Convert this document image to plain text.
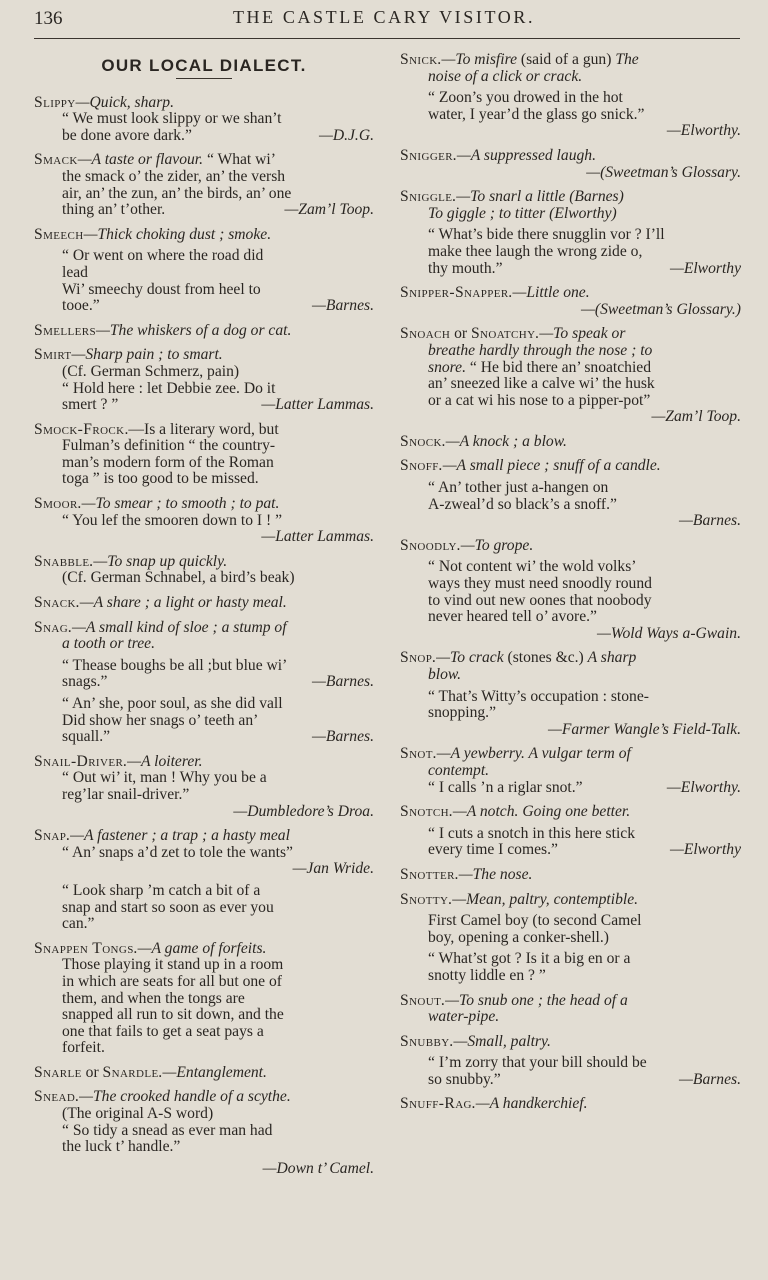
136	THE CASTLE CARY VISITOR.
OUR LOCAL DIALECT.
Slippy—Quick, sharp.
“ We must look slippy or we shan’t
be done avore dark.”	—D.J.G.
Smack—A taste or flavour. “ What wi’
the smack o’ the zider, an’ the versh
air, an’ the zun, an’ the birds, an’ one
thing an’ t’other.	—Zam’l Toop.
Smeech—Thick choking dust ; smoke.
“ Or went on where the road did
lead
Wi’ smeechy doust from heel to
tooe.”	—Barnes.
Smellers—The whiskers of a dog or cat.
Smirt—Sharp pain ; to smart.
(Cf. German Schmerz, pain)
“ Hold here : let Debbie zee. Do it
smert ? ”	—Latter Lammas.
Smock-Frock.—Is a literary word, but
Fulman’s definition “ the country-
man’s modern form of the Roman
toga ” is too good to be missed.
Smoor.—To smear ; to smooth ; to pat.
“ You lef the smooren down to I ! ”
—Latter Lammas.
Snabble.—To snap up quickly.
(Cf. German Schnabel, a bird’s beak)
Snack.—A share ; a light or hasty meal.
Snag.—A small kind of sloe ; a stump of
a tooth or tree.
“ Thease boughs be all ;but blue wi’
snags.”	—Barnes.
“ An’ she, poor soul, as she did vall
Did show her snags o’ teeth an’
squall.”	—Barnes.
Snail-Driver.—A loiterer.
“ Out wi’ it, man ! Why you be a
reg’lar snail-driver.”
—Dumbledore’s Droa.
Snap.—A fastener ; a trap ; a hasty meal
“ An’ snaps a’d zet to tole the wants”
—Jan Wride.
“ Look sharp ’m catch a bit of a
snap and start so soon as ever you
can.”
Snappen Tongs.—A game of forfeits.
Those playing it stand up in a room
in which are seats for all but one of
them, and when the tongs are
snapped all run to sit down, and the
one that fails to get a seat pays a
forfeit.
Snarle or Snardle.—Entanglement.
Snead.—The crooked handle of a scythe.
(The original A-S word)
“ So tidy a snead as ever man had
the luck t’ handle.”
—Down t’ Camel.
Snick.—To misfire (said of a gun) The
noise of a click or crack.
“ Zoon’s you drowed in the hot
water, I year’d the glass go snick.”
—Elworthy.
Snigger.—A suppressed laugh.
—(Sweetman’s Glossary.
Sniggle.—To snarl a little (Barnes)
To giggle ; to titter (Elworthy)
“ What’s bide there snugglin vor ? I’ll
make thee laugh the wrong zide o,
thy mouth.”	—Elworthy
Snipper-Snapper.—Little one.
—(Sweetman’s Glossary.)
Snoach or Snoatchy.—To speak or
breathe hardly through the nose ; to
snore. “ He bid there an’ snoatchied
an’ sneezed like a calve wi’ the husk
or a cat wi his nose to a pipper-pot”
—Zam’l Toop.
Snock.—A knock ; a blow.
Snoff.—A small piece ; snuff of a candle.
“ An’ tother just a-hangen on
A-zweal’d so black’s a snoff.”
—Barnes.
Snoodly.—To grope.
“ Not content wi’ the wold volks’
ways they must need snoodly round
to vind out new oones that noobody
never heared tell o’ avore.”
—Wold Ways a-Gwain.
Snop.—To crack (stones &c.) A sharp
blow.
“ That’s Witty’s occupation : stone-
snopping.”
—Farmer Wangle’s Field-Talk.
Snot.—A yewberry. A vulgar term of
contempt.
“ I calls ’n a riglar snot.”	—Elworthy.
Snotch.—A notch. Going one better.
“ I cuts a snotch in this here stick
every time I comes.”	—Elworthy
Snotter.—The nose.
Snotty.—Mean, paltry, contemptible.
First Camel boy (to second Camel
boy, opening a conker-shell.)
“ What’st got ? Is it a big en or a
snotty liddle en ? ”
Snout.—To snub one ; the head of a
water-pipe.
Snubby.—Small, paltry.
“ I’m zorry that your bill should be
so snubby.”	—Barnes.
Snuff-Rag.—A handkerchief.
